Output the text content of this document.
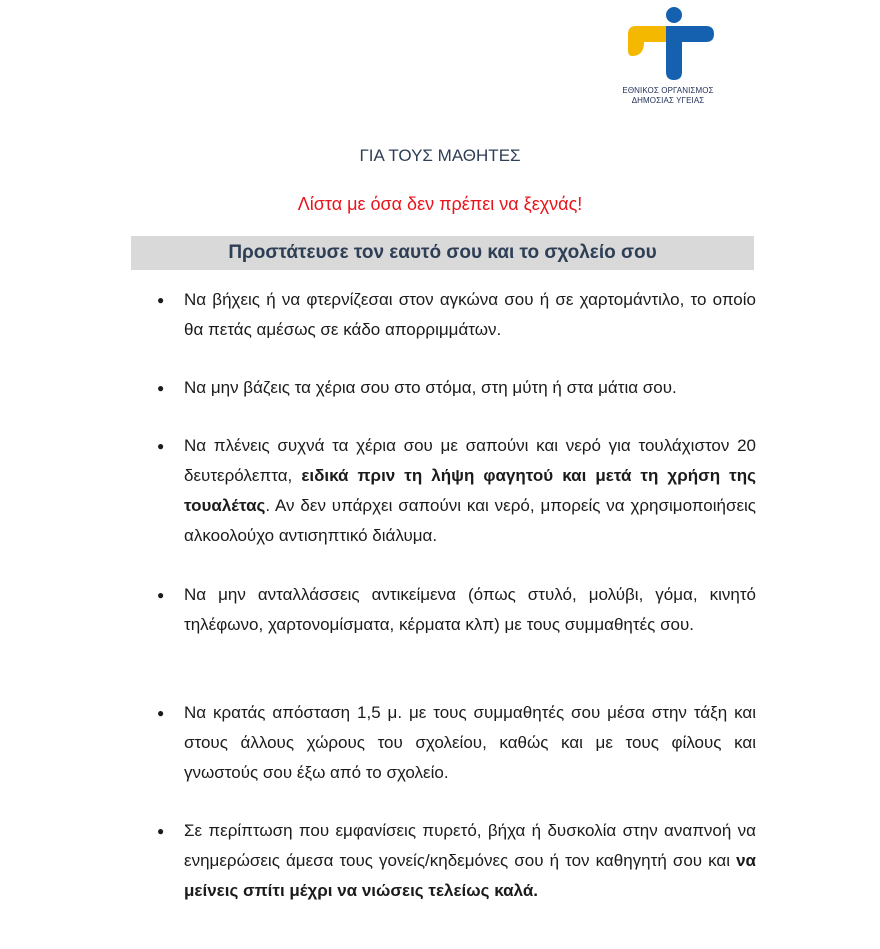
ΕΘΝΙΚΟΣ ΟΡΓΑΝΙΣΜΟΣ
ΔΗΜΟΣΙΑΣ ΥΓΕΙΑΣ
ΓΙΑ ΤΟΥΣ ΜΑΘΗΤΕΣ
Λίστα με όσα δεν πρέπει να ξεχνάς!
Προστάτευσε τον εαυτό σου και το σχολείο σου
● Να βήχεις ή να φτερνίζεσαι στον αγκώνα σου ή σε χαρτομάντιλο, το οποίο θα πετάς αμέσως σε κάδο απορριμμάτων.
● Να μην βάζεις τα χέρια σου στο στόμα, στη μύτη ή στα μάτια σου.
● Να πλένεις συχνά τα χέρια σου με σαπούνι και νερό για τουλάχιστον 20 δευτερόλεπτα, ειδικά πριν τη λήψη φαγητού και μετά τη χρήση της τουαλέτας. Αν δεν υπάρχει σαπούνι και νερό, μπορείς να χρησιμοποιήσεις αλκοολούχο αντισηπτικό διάλυμα.
● Να μην ανταλλάσσεις αντικείμενα (όπως στυλό, μολύβι, γόμα, κινητό τηλέφωνο, χαρτονομίσματα, κέρματα κλπ) με τους συμμαθητές σου.
● Να κρατάς απόσταση 1,5 μ. με τους συμμαθητές σου μέσα στην τάξη και στους άλλους χώρους του σχολείου, καθώς και με τους φίλους και γνωστούς σου έξω από το σχολείο.
● Σε περίπτωση που εμφανίσεις πυρετό, βήχα ή δυσκολία στην αναπνοή να ενημερώσεις άμεσα τους γονείς/κηδεμόνες σου ή τον καθηγητή σου και να μείνεις σπίτι μέχρι να νιώσεις τελείως καλά.
